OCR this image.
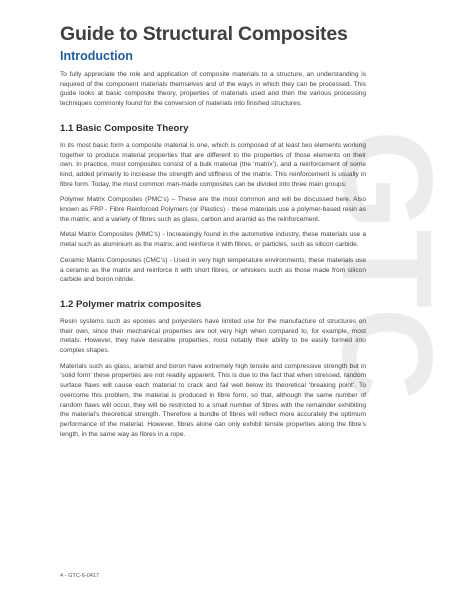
GTC
Guide to Structural Composites
Introduction

To fully appreciate the role and application of composite materials to a structure, an understanding is required of the component materials themselves and of the ways in which they can be processed. This guide looks at basic composite theory, properties of materials used and then the various processing techniques commonly found for the conversion of materials into finished structures.

1.1 Basic Composite Theory

In its most basic form a composite material is one, which is composed of at least two elements working together to produce material properties that are different to the properties of those elements on their own. In practice, most composites consist of a bulk material (the ‘matrix’), and a reinforcement of some kind, added primarily to increase the strength and stiffness of the matrix. This reinforcement is usually in fibre form. Today, the most common man-made composites can be divided into three main groups:

Polymer Matrix Composites (PMC’s) – These are the most common and will be discussed here. Also known as FRP - Fibre Reinforced Polymers (or Plastics) - these materials use a polymer-based resin as the matrix, and a variety of fibres such as glass, carbon and aramid as the reinforcement.

Metal Matrix Composites (MMC’s) - Increasingly found in the automotive industry, these materials use a metal such as aluminium as the matrix, and reinforce it with fibres, or particles, such as silicon carbide.

Ceramic Matrix Composites (CMC’s) - Used in very high temperature environments, these materials use a ceramic as the matrix and reinforce it with short fibres, or whiskers such as those made from silicon carbide and boron nitride.

1.2 Polymer matrix composites

Resin systems such as epoxies and polyesters have limited use for the manufacture of structures on their own, since their mechanical properties are not very high when compared to, for example, most metals. However, they have desirable properties, most notably their ability to be easily formed into complex shapes.

Materials such as glass, aramid and boron have extremely high tensile and compressive strength but in ‘solid form’ these properties are not readily apparent. This is due to the fact that when stressed, random surface flaws will cause each material to crack and fail well below its theoretical ‘breaking point’. To overcome this problem, the material is produced in fibre form, so that, although the same number of random flaws will occur, they will be restricted to a small number of fibres with the remainder exhibiting the material’s theoretical strength. Therefore a bundle of fibres will reflect more accurately the optimum performance of the material. However, fibres alone can only exhibit tensile properties along the fibre’s length, in the same way as fibres in a rope.

4 - GTC-6-0417
